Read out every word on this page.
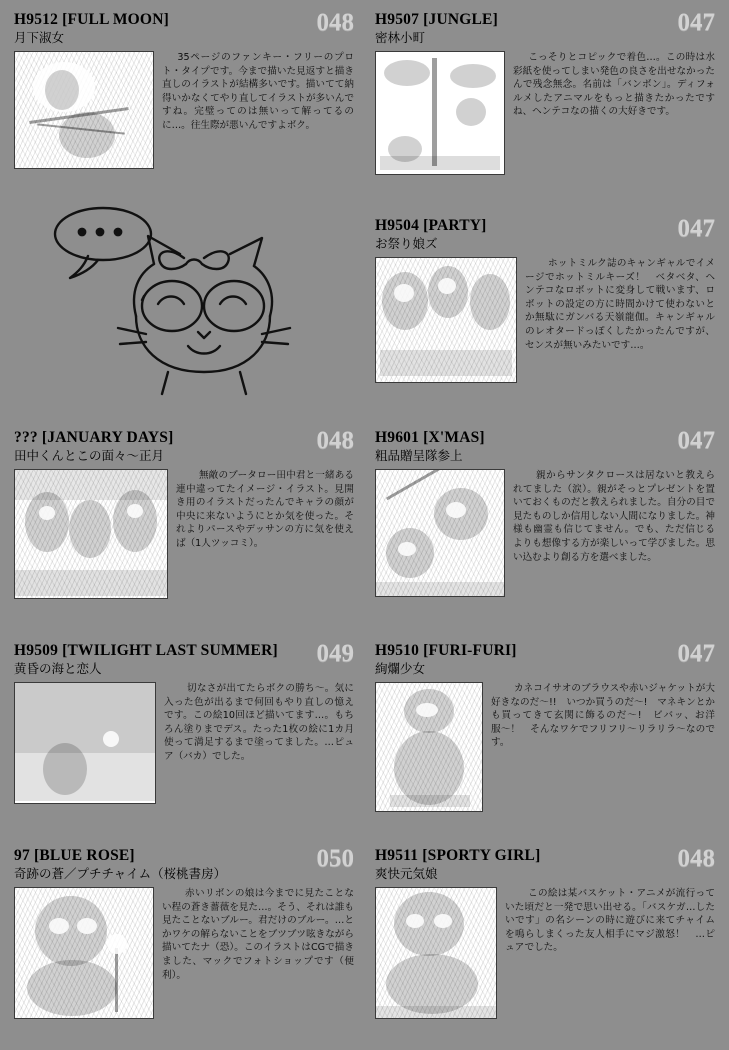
H9512 [FULL MOON]
月下淑女
048
35ページのファンキー・フリーのプロト・タイプです。今まで描いた見返すと描き直しのイラストが結構多いです。描いてて納得いかなくてやり直してイラストが多いんですね。完璧ってのは無いって解ってるのに…。往生際が悪いんですよボク。
H9507 [JUNGLE]
密林小町
047
こっそりとコピックで着色…。この時は水彩紙を使ってしまい発色の良さを出せなかったんで残念無念。名前は「バンボン」。ディフォルメしたアニマルをもっと描きたかったですね、ヘンテコなの描くの大好きです。
H9504 [PARTY]
お祭り娘ズ
047
ホットミルク誌のキャンギャルでイメージでホットミルキーズ！　ベタベタ、ヘンテコなロボットに変身して戦います、ロボットの設定の方に時間かけて使わないとか無駄にガンバる天嶺龍伽。キャンギャルのレオタードっぽくしたかったんですが、センスが無いみたいです…。
??? [JANUARY DAYS]
田中くんとこの面々〜正月
048
無敵のブータロー田中君と一緒ある連中違ってたイメージ・イラスト。見開き用のイラストだったんでキャラの顔が中央に来ないようにとか気を使った。それよりパースやデッサンの方に気を使えば（1人ツッコミ）。
H9601 [X'MAS]
粗品贈呈隊参上
047
親からサンタクロースは居ないと教えられてました（涙）。親がそっとプレゼントを置いておくものだと教えられました。自分の目で見たものしか信用しない人間になりました。神様も幽霊も信じてません。でも、ただ信じるよりも想像する方が楽しいって学びました。思い込むより創る方を選べました。
H9509 [TWILIGHT LAST SUMMER]
黄昏の海と恋人
049
切なさが出てたらボクの勝ち〜。気に入った色が出るまで何回もやり直しの憶えです。この絵10回ほど描いてます…。もちろん塗りまでデス。たった1枚の絵に1カ月使って満足するまで塗ってました。…ピュア（バカ）でした。
H9510 [FURI-FURI]
絢爛少女
047
カネコイサオのブラウスや赤いジャケットが大好きなのだ〜!!　いつか買うのだ〜!　マネキンとかも買ってきて玄関に飾るのだ〜!　ビバッ、お洋服〜！　そんなワケでフリフリ〜リラリラ〜なのです。
97 [BLUE ROSE]
奇跡の蒼／プチチャイム（桜桃書房）
050
赤いリボンの娘は今までに見たことない程の蒼き薔薇を見た…。そう、それは誰も見たことないブルー。君だけのブルー。…とかワケの解らないことをブツブツ呟きながら描いてたナ（恐）。このイラストはCGで描きました、マックでフォトショップです（便利）。
H9511 [SPORTY GIRL]
爽快元気娘
048
この絵は某バスケット・アニメが流行っていた頃だと一発で思い出せる。「バスケガ…したいです」の名シーンの時に遊びに来てチャイムを鳴らしまくった友人相手にマジ激怒！　…ピュアでした。
